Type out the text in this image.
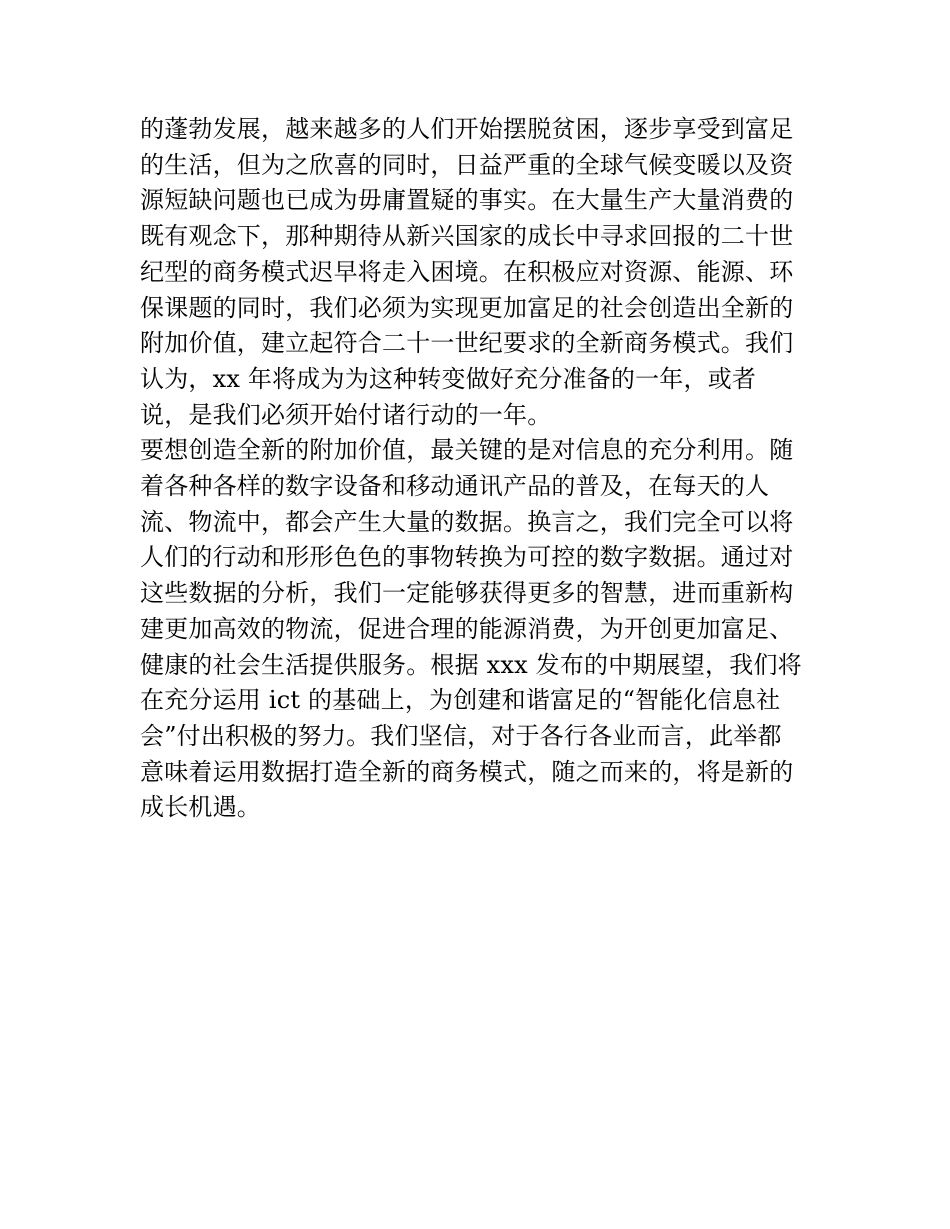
的蓬勃发展，越来越多的人们开始摆脱贫困，逐步享受到富足
的生活，但为之欣喜的同时，日益严重的全球气候变暖以及资
源短缺问题也已成为毋庸置疑的事实。在大量生产大量消费的
既有观念下，那种期待从新兴国家的成长中寻求回报的二十世
纪型的商务模式迟早将走入困境。在积极应对资源、能源、环
保课题的同时，我们必须为实现更加富足的社会创造出全新的
附加价值，建立起符合二十一世纪要求的全新商务模式。我们
认为，xx 年将成为为这种转变做好充分准备的一年，或者
说，是我们必须开始付诸行动的一年。
要想创造全新的附加价值，最关键的是对信息的充分利用。随
着各种各样的数字设备和移动通讯产品的普及，在每天的人
流、物流中，都会产生大量的数据。换言之，我们完全可以将
人们的行动和形形色色的事物转换为可控的数字数据。通过对
这些数据的分析，我们一定能够获得更多的智慧，进而重新构
建更加高效的物流，促进合理的能源消费，为开创更加富足、
健康的社会生活提供服务。根据 xxx 发布的中期展望，我们将
在充分运用 ict 的基础上，为创建和谐富足的“智能化信息社
会”付出积极的努力。我们坚信，对于各行各业而言，此举都
意味着运用数据打造全新的商务模式，随之而来的，将是新的
成长机遇。
